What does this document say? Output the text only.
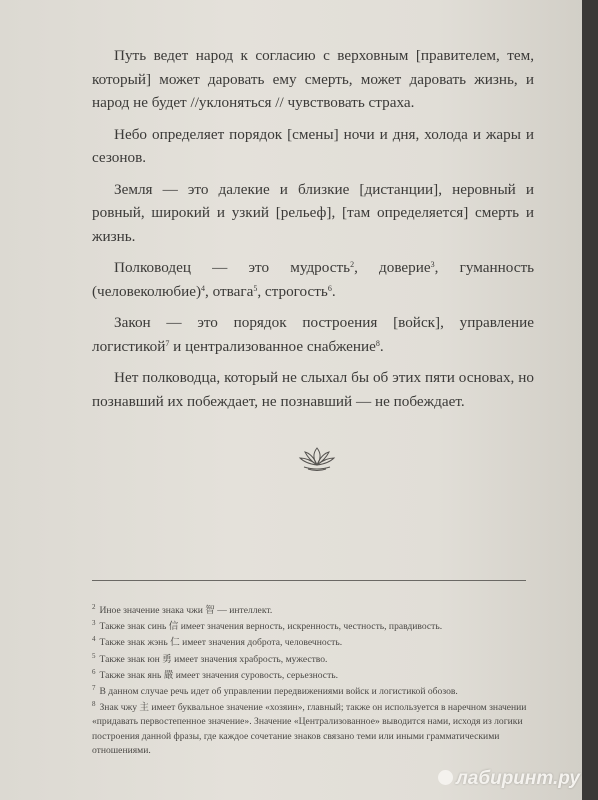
Путь ведет народ к согласию с верховным [правителем, тем, который] может даровать ему смерть, может даровать жизнь, и народ не будет //уклоняться // чувствовать страха.

Небо определяет порядок [смены] ночи и дня, холода и жары и сезонов.

Земля — это далекие и близкие [дистанции], неровный и ровный, широкий и узкий [рельеф], [там определяется] смерть и жизнь.

Полководец — это мудрость$^2$, доверие$^3$, гуманность (человеколюбие)$^4$, отвага$^5$, строгость$^6$.

Закон — это порядок построения [войск], управление логистикой$^7$ и централизованное снабжение$^8$.

Нет полководца, который не слыхал бы об этих пяти основах, но познавший их побеждает, не познавший — не побеждает.

$^2$ Иное значение знака чжи 智 — интеллект.
$^3$ Также знак синь 信 имеет значения верность, искренность, честность, правдивость.
$^4$ Также знак жэнь 仁 имеет значения доброта, человечность.
$^5$ Также знак юн 勇 имеет значения храбрость, мужество.
$^6$ Также знак янь 嚴 имеет значения суровость, серьезность.
$^7$ В данном случае речь идет об управлении передвижениями войск и логистикой обозов.
$^8$ Знак чжу 主 имеет буквальное значение «хозяин», главный; также он используется в наречном значении «придавать первостепенное значение». Значение «Централизованное» выводится нами, исходя из логики построения данной фразы, где каждое сочетание знаков связано теми или иными грамматическими отношениями.
лабиринт.ру
